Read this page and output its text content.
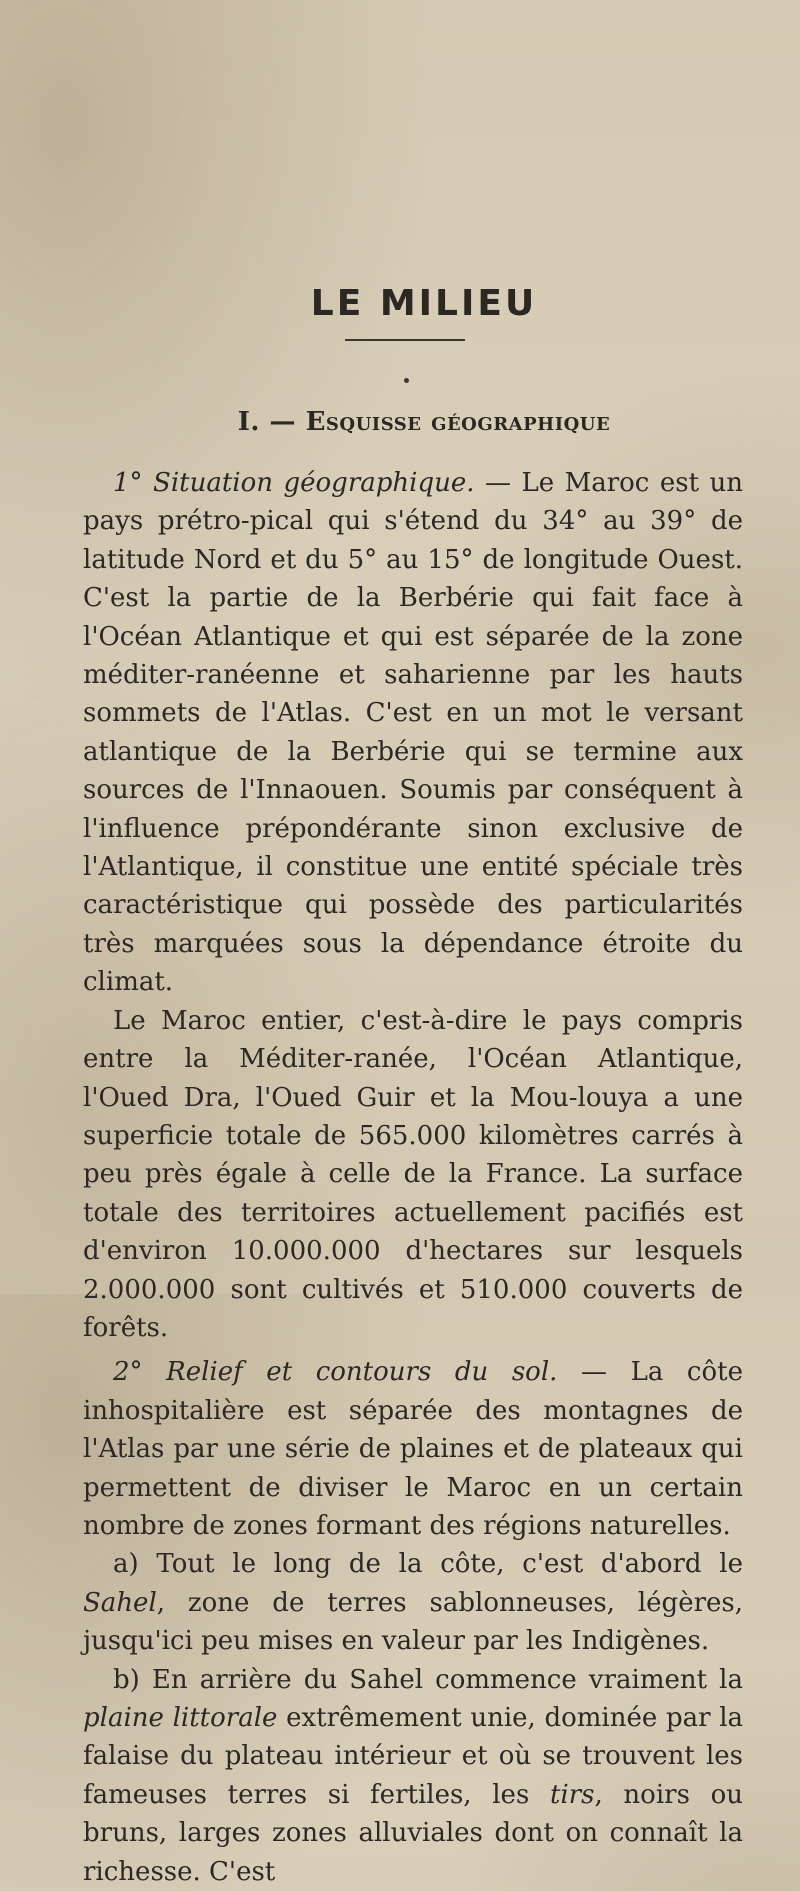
LE MILIEU
I. — Esquisse géographique

1° Situation géographique. — Le Maroc est un pays prétro-pical qui s'étend du 34° au 39° de latitude Nord et du 5° au 15° de longitude Ouest. C'est la partie de la Berbérie qui fait face à l'Océan Atlantique et qui est séparée de la zone méditer-ranéenne et saharienne par les hauts sommets de l'Atlas. C'est en un mot le versant atlantique de la Berbérie qui se termine aux sources de l'Innaouen. Soumis par conséquent à l'influence prépondérante sinon exclusive de l'Atlantique, il constitue une entité spéciale très caractéristique qui possède des particularités très marquées sous la dépendance étroite du climat.

Le Maroc entier, c'est-à-dire le pays compris entre la Méditer-ranée, l'Océan Atlantique, l'Oued Dra, l'Oued Guir et la Mou-louya a une superficie totale de 565.000 kilomètres carrés à peu près égale à celle de la France. La surface totale des territoires actuellement pacifiés est d'environ 10.000.000 d'hectares sur lesquels 2.000.000 sont cultivés et 510.000 couverts de forêts.

2° Relief et contours du sol. — La côte inhospitalière est séparée des montagnes de l'Atlas par une série de plaines et de plateaux qui permettent de diviser le Maroc en un certain nombre de zones formant des régions naturelles.

a) Tout le long de la côte, c'est d'abord le Sahel, zone de terres sablonneuses, légères, jusqu'ici peu mises en valeur par les Indigènes.

b) En arrière du Sahel commence vraiment la plaine littorale extrêmement unie, dominée par la falaise du plateau intérieur et où se trouvent les fameuses terres si fertiles, les tirs, noirs ou bruns, larges zones alluviales dont on connaît la richesse. C'est
